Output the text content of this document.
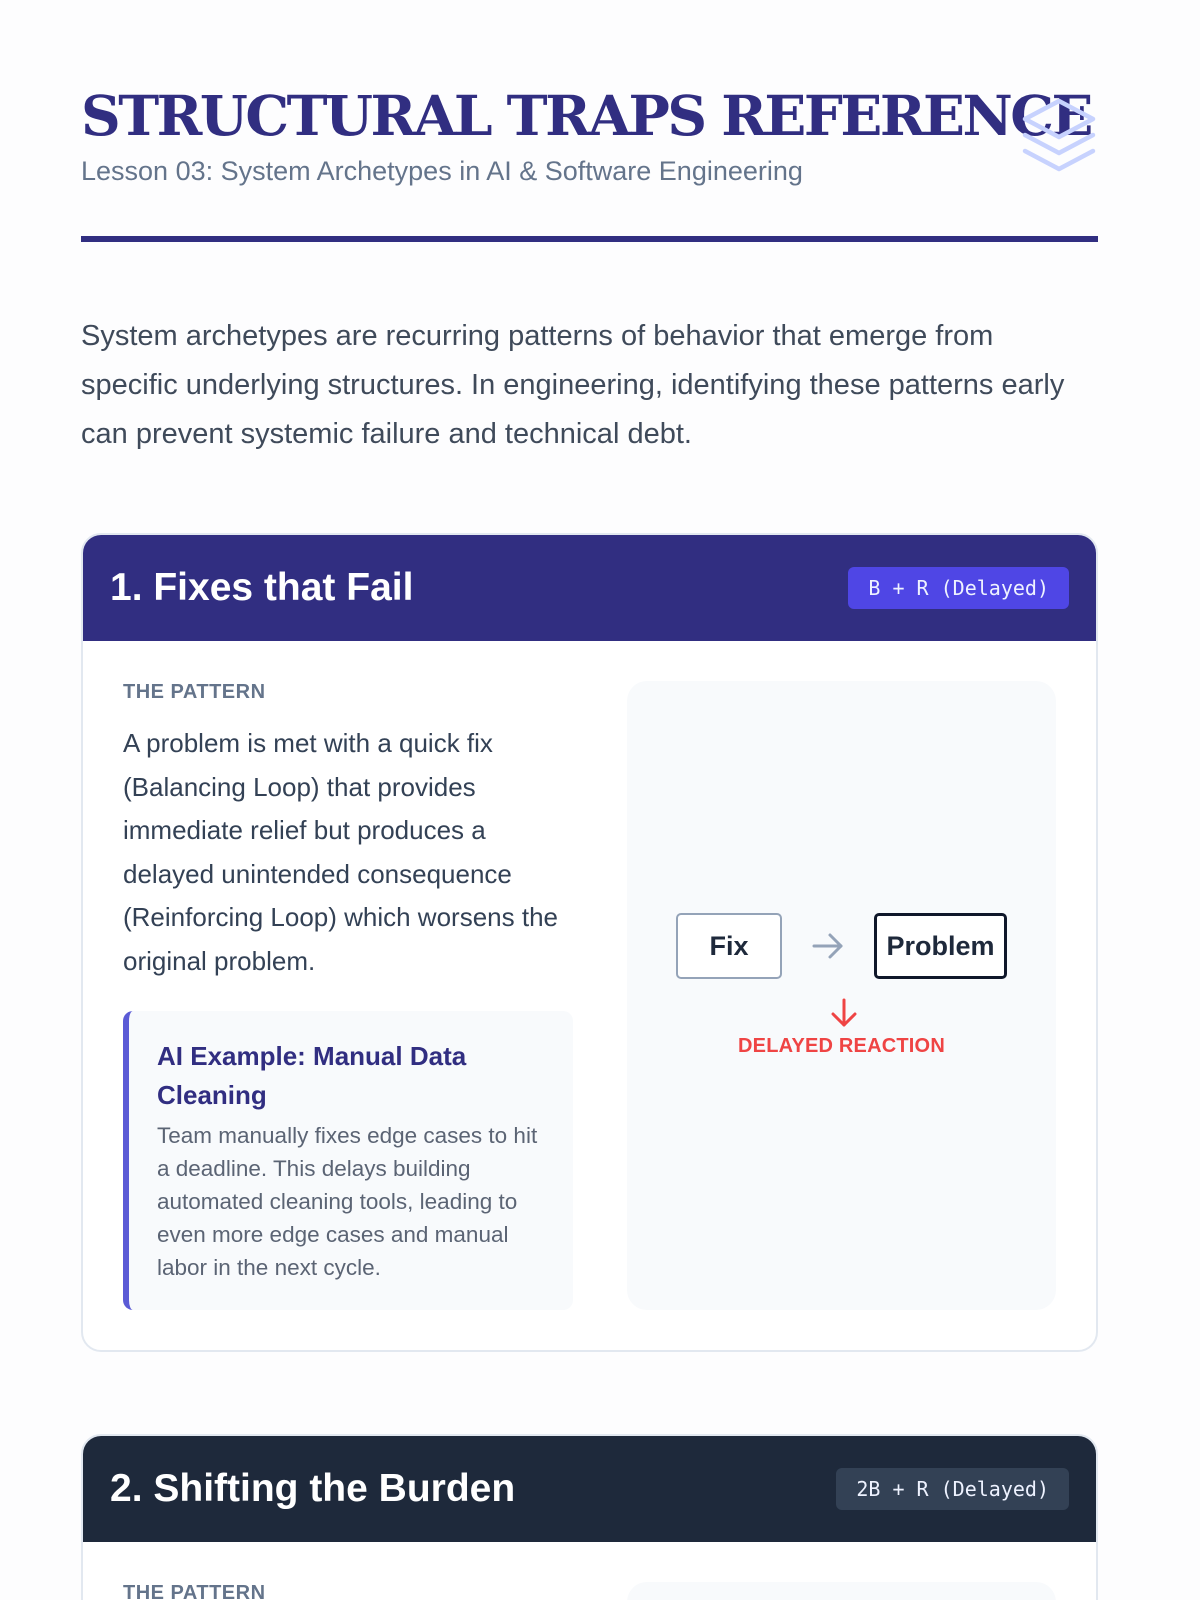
STRUCTURAL TRAPS REFERENCE
Lesson 03: System Archetypes in AI & Software Engineering

System archetypes are recurring patterns of behavior that emerge from specific underlying structures. In engineering, identifying these patterns early can prevent systemic failure and technical debt.

1. Fixes that Fail	B + R (Delayed)
THE PATTERN

A problem is met with a quick fix (Balancing Loop) that provides immediate relief but produces a delayed unintended consequence (Reinforcing Loop) which worsens the original problem.

AI Example: Manual Data Cleaning

Team manually fixes edge cases to hit a deadline. This delays building automated cleaning tools, leading to even more edge cases and manual labor in the next cycle.

Fix	Problem
DELAYED REACTION
2. Shifting the Burden	2B + R (Delayed)
THE PATTERN
